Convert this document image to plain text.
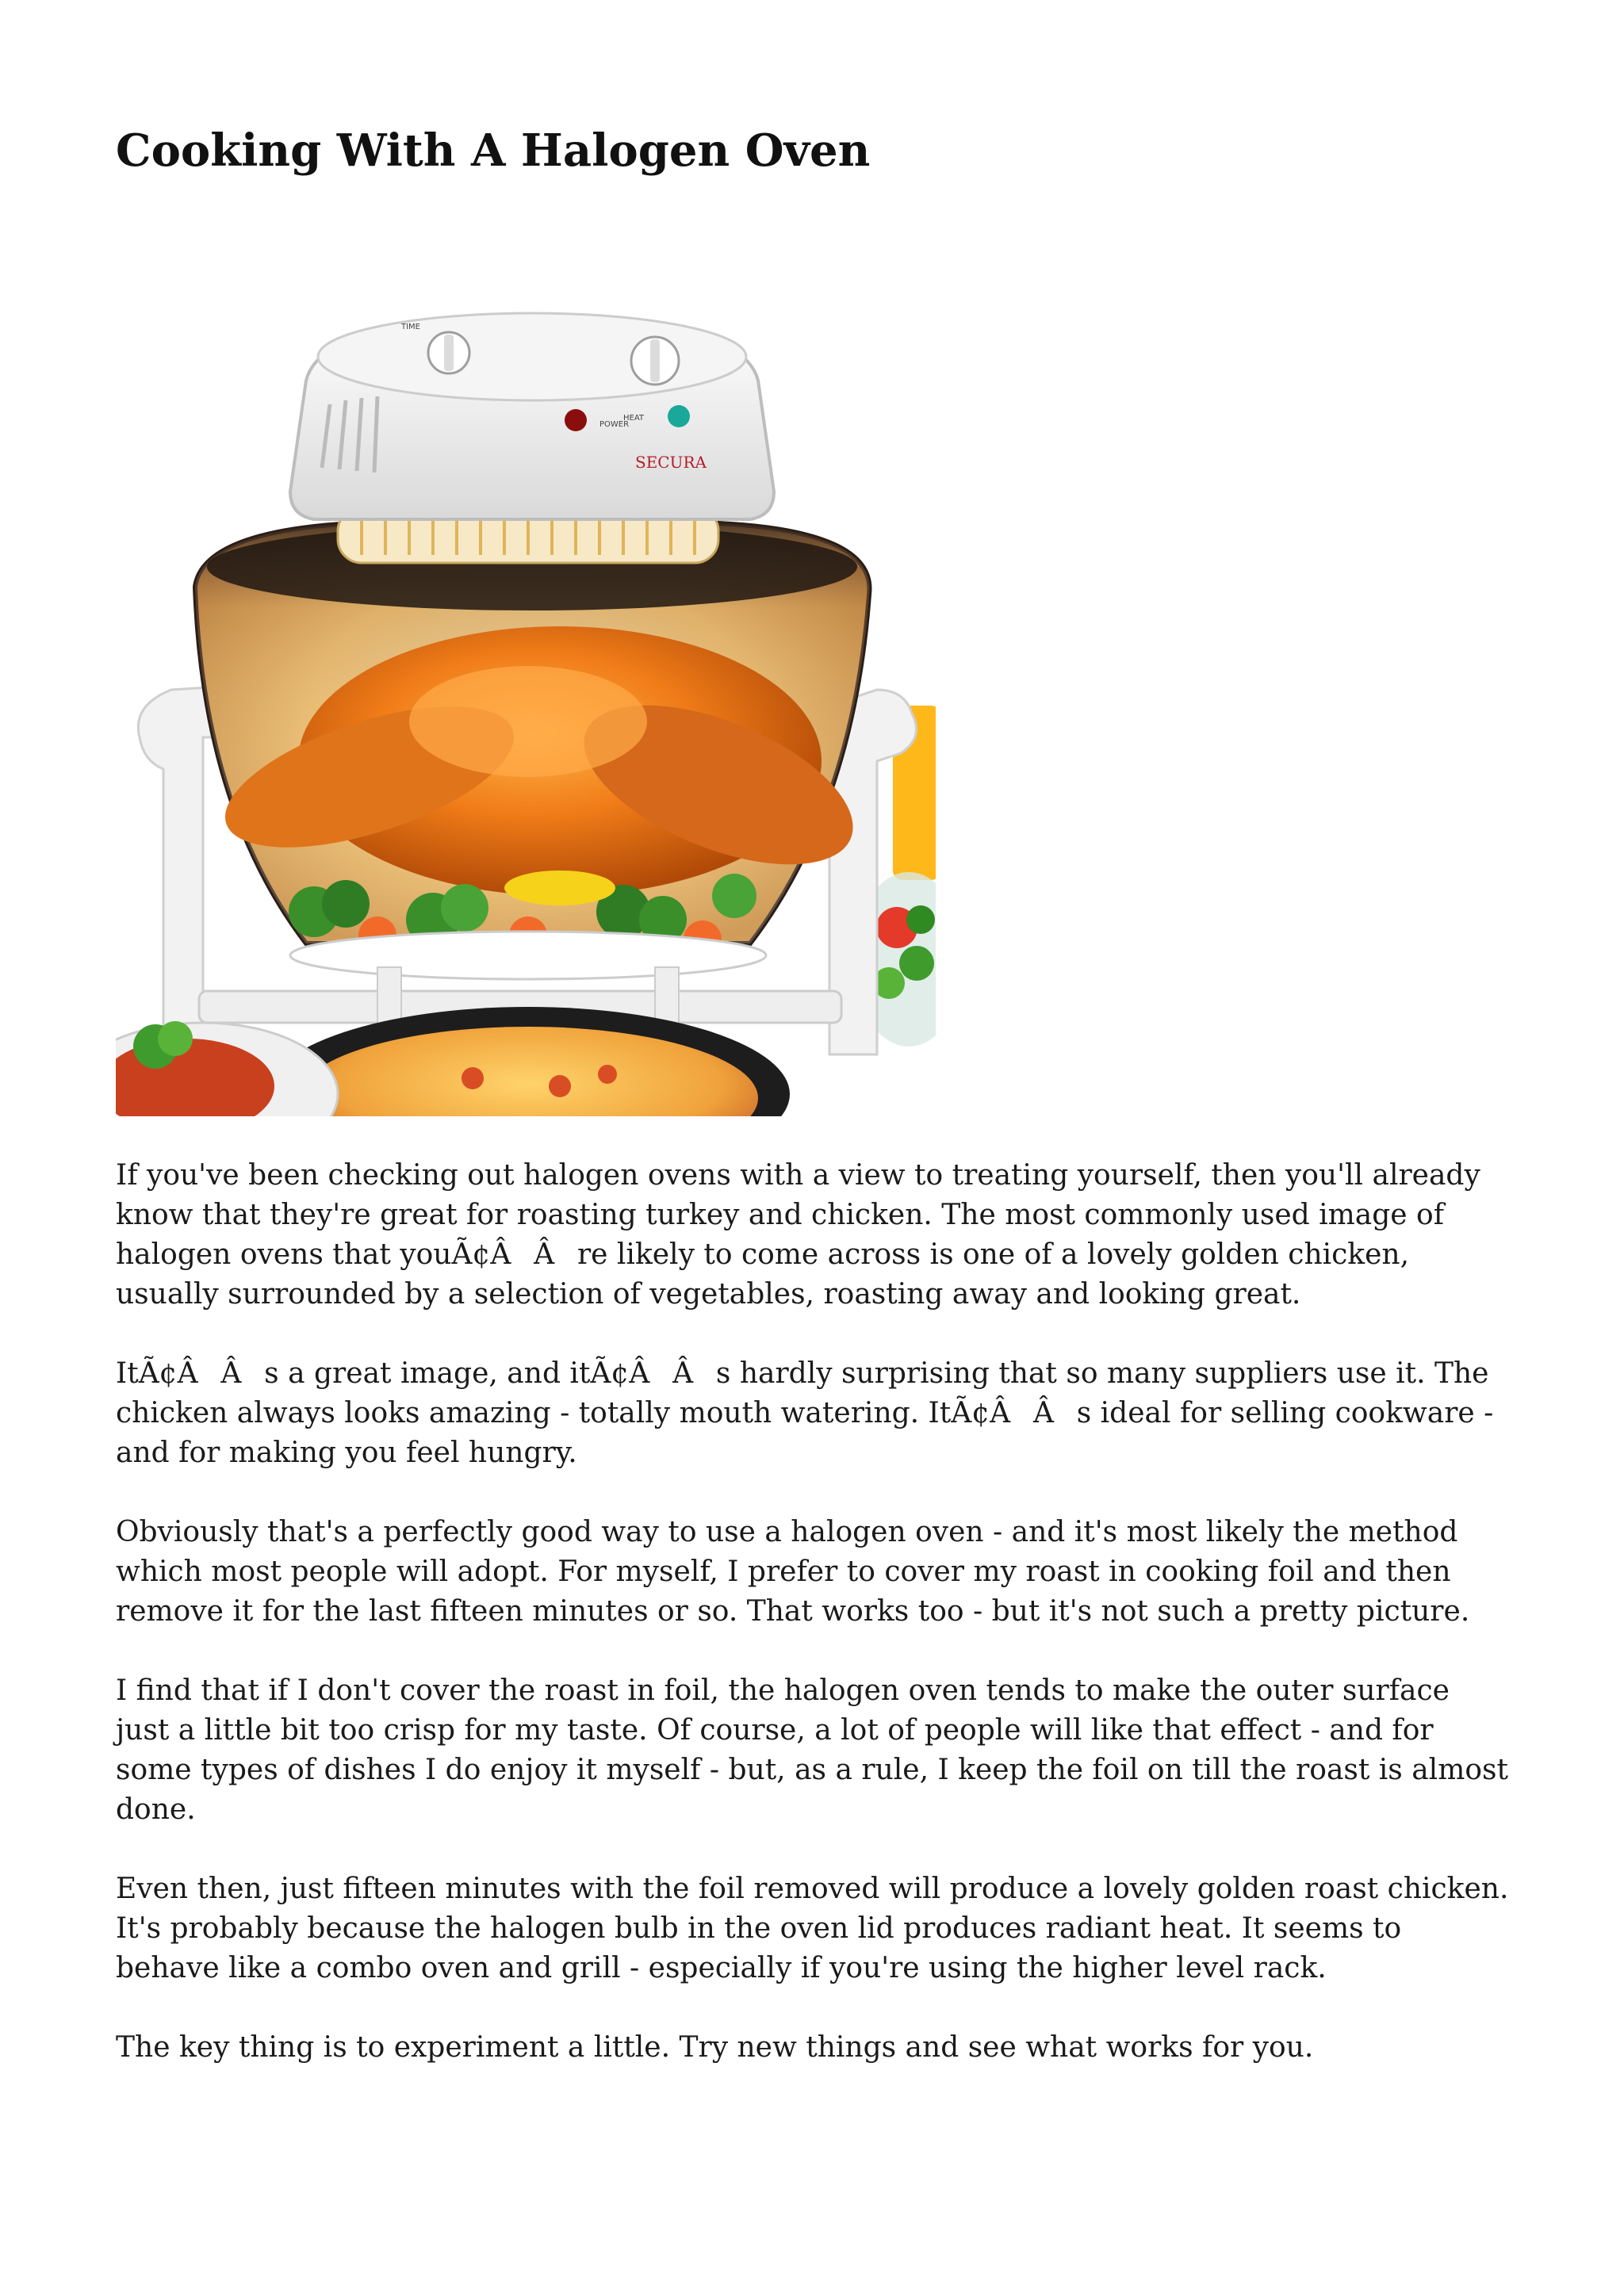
Cooking With A Halogen Oven
POWER
HEAT
TIME
SECURA

If you've been checking out halogen ovens with a view to treating yourself, then you'll already know that they're great for roasting turkey and chicken. The most commonly used image of halogen ovens that youÃ¢ÂÂre likely to come across is one of a lovely golden chicken, usually surrounded by a selection of vegetables, roasting away and looking great.

ItÃ¢ÂÂs a great image, and itÃ¢ÂÂs hardly surprising that so many suppliers use it. The chicken always looks amazing - totally mouth watering. ItÃ¢ÂÂs ideal for selling cookware - and for making you feel hungry.

Obviously that's a perfectly good way to use a halogen oven - and it's most likely the method which most people will adopt. For myself, I prefer to cover my roast in cooking foil and then remove it for the last fifteen minutes or so. That works too - but it's not such a pretty picture.

I find that if I don't cover the roast in foil, the halogen oven tends to make the outer surface just a little bit too crisp for my taste. Of course, a lot of people will like that effect - and for some types of dishes I do enjoy it myself - but, as a rule, I keep the foil on till the roast is almost done.

Even then, just fifteen minutes with the foil removed will produce a lovely golden roast chicken. It's probably because the halogen bulb in the oven lid produces radiant heat. It seems to behave like a combo oven and grill - especially if you're using the higher level rack.

The key thing is to experiment a little. Try new things and see what works for you.
